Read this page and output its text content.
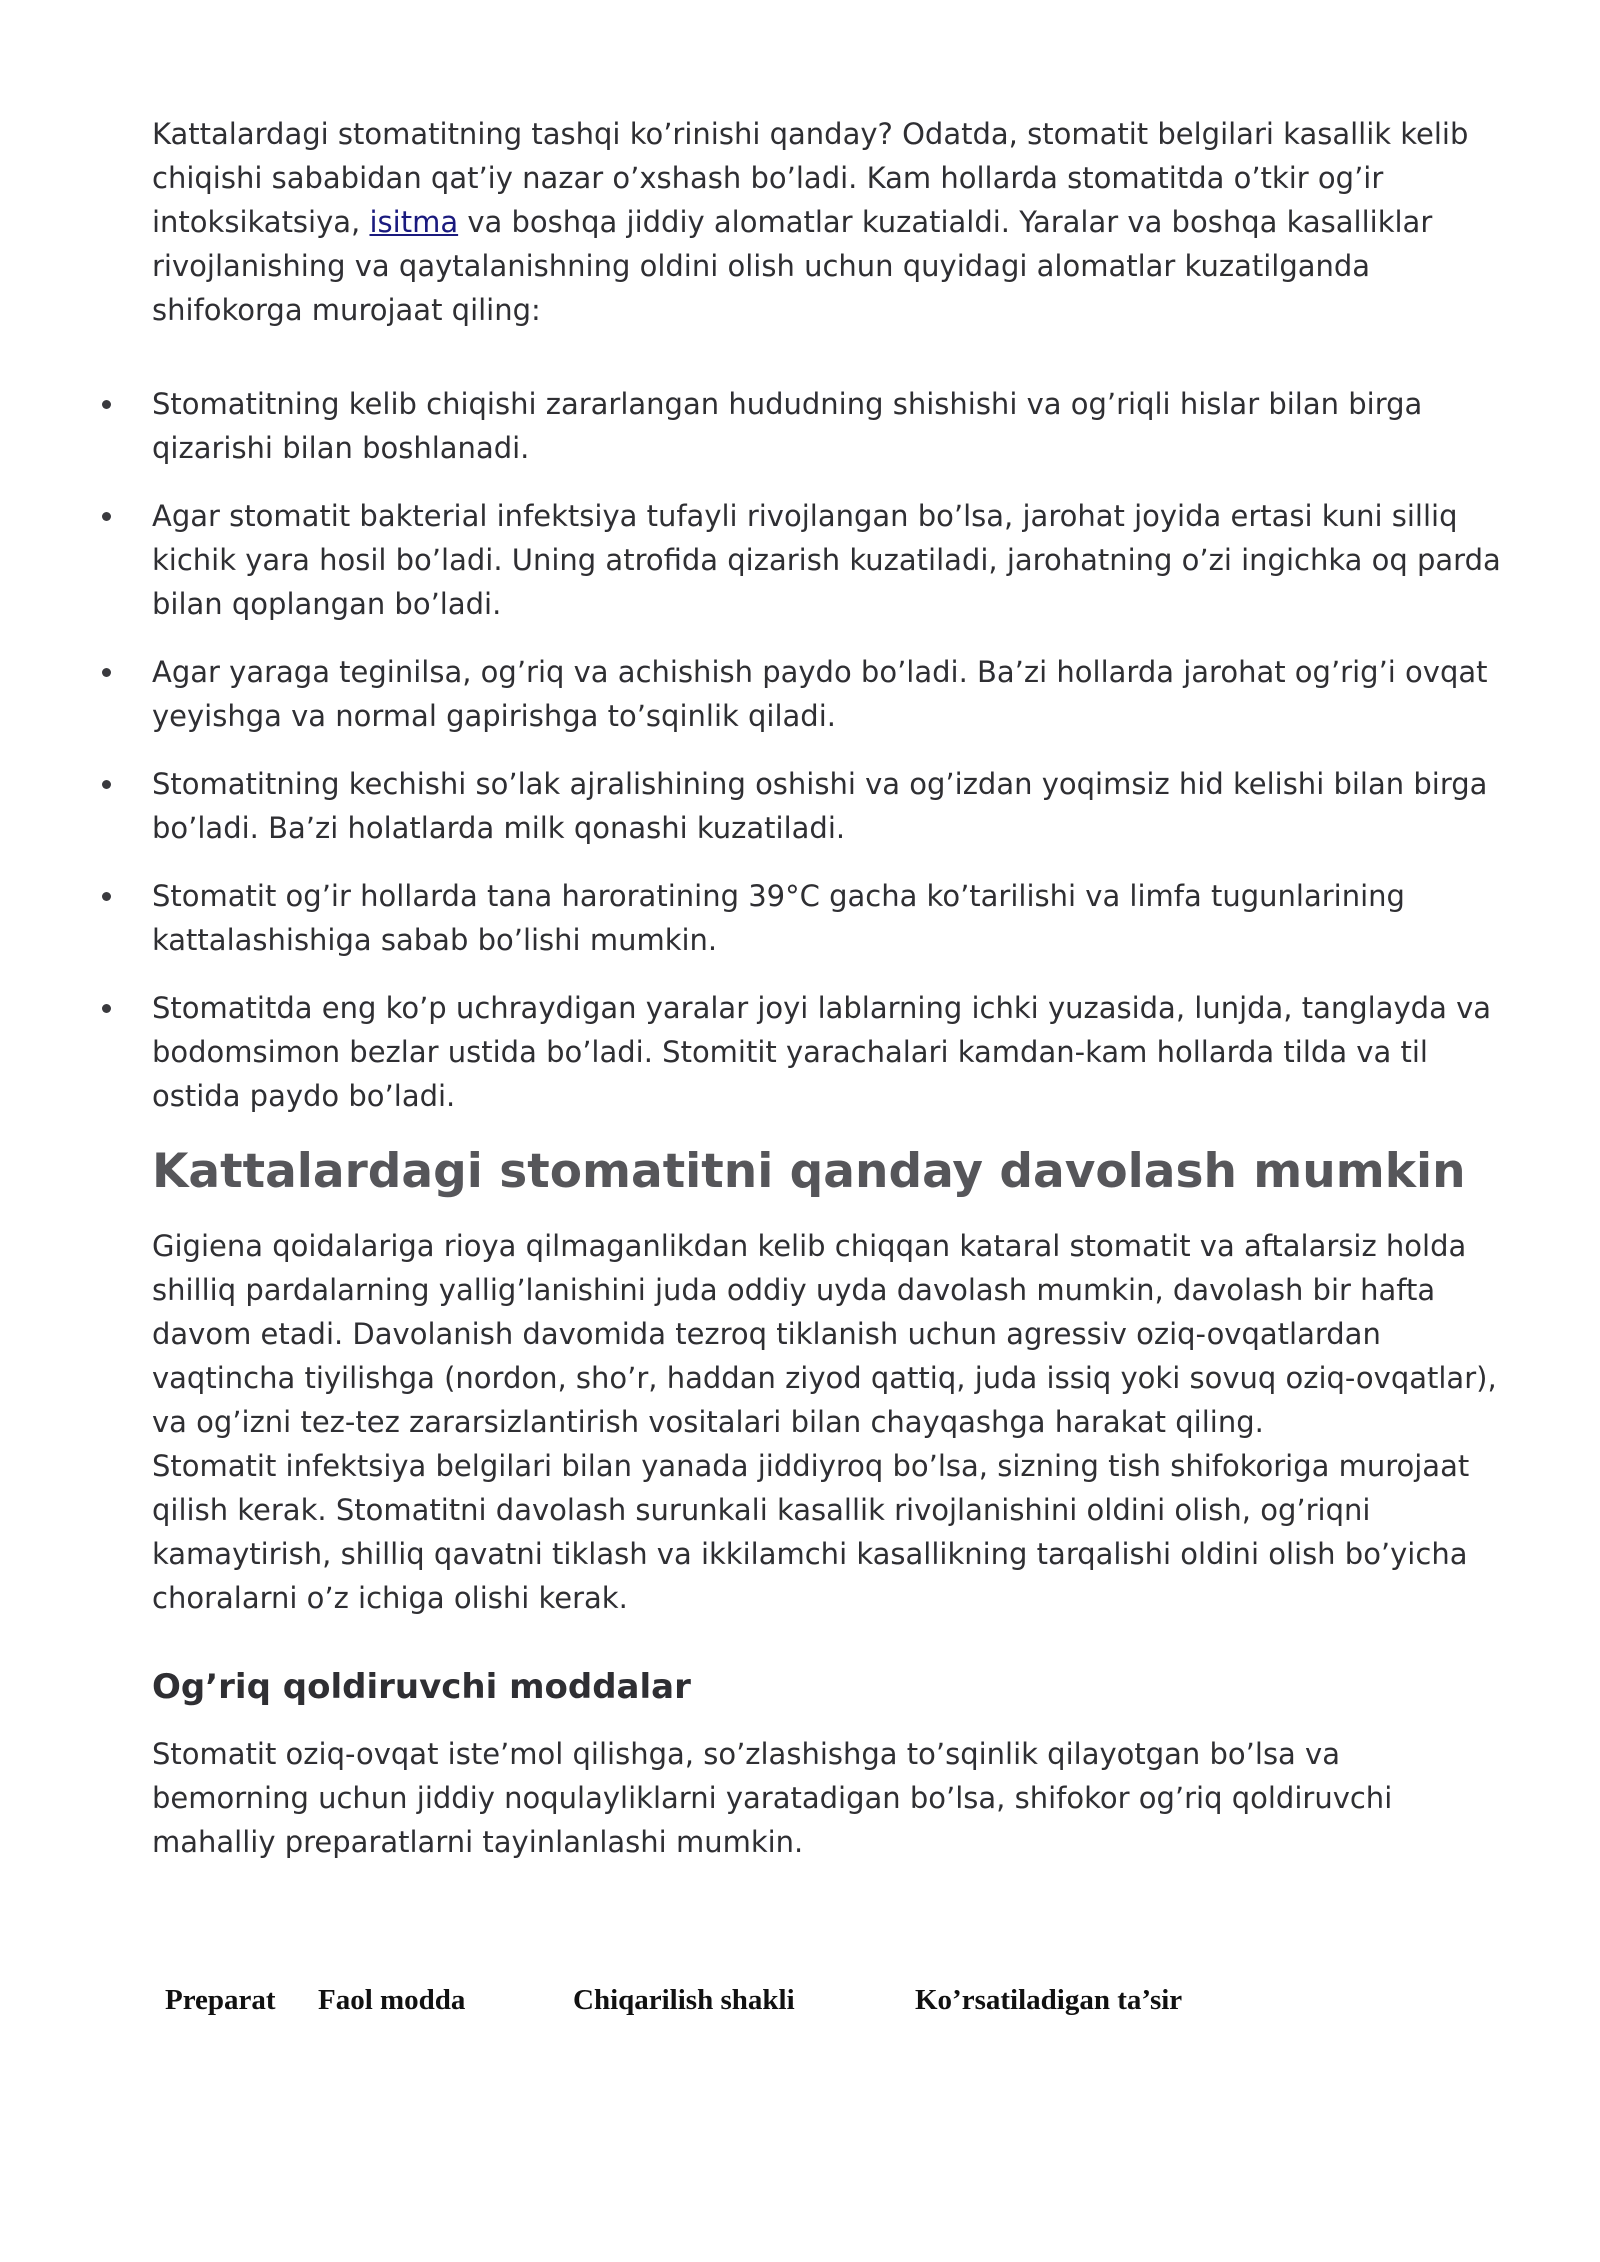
Kattalardagi stomatitning tashqi ko’rinishi qanday? Odatda, stomatit belgilari kasallik kelib chiqishi sababidan qat’iy nazar o’xshash bo’ladi. Kam hollarda stomatitda o’tkir og’ir intoksikatsiya, isitma va boshqa jiddiy alomatlar kuzatialdi. Yaralar va boshqa kasalliklar rivojlanishing va qaytalanishning oldini olish uchun quyidagi alomatlar kuzatilganda shifokorga murojaat qiling:

Stomatitning kelib chiqishi zararlangan hududning shishishi va og’riqli hislar bilan birga qizarishi bilan boshlanadi.
Agar stomatit bakterial infektsiya tufayli rivojlangan bo’lsa, jarohat joyida ertasi kuni silliq kichik yara hosil bo’ladi. Uning atrofida qizarish kuzatiladi, jarohatning o’zi ingichka oq parda bilan qoplangan bo’ladi.
Agar yaraga teginilsa, og’riq va achishish paydo bo’ladi. Ba’zi hollarda jarohat og’rig’i ovqat yeyishga va normal gapirishga to’sqinlik qiladi.
Stomatitning kechishi so’lak ajralishining oshishi va og’izdan yoqimsiz hid kelishi bilan birga bo’ladi. Ba’zi holatlarda milk qonashi kuzatiladi.
Stomatit og’ir hollarda tana haroratining 39°C gacha ko’tarilishi va limfa tugunlarining kattalashishiga sabab bo’lishi mumkin.
Stomatitda eng ko’p uchraydigan yaralar joyi lablarning ichki yuzasida, lunjda, tanglayda va bodomsimon bezlar ustida bo’ladi. Stomitit yarachalari kamdan-kam hollarda tilda va til ostida paydo bo’ladi.
Kattalardagi stomatitni qanday davolash mumkin

Gigiena qoidalariga rioya qilmaganlikdan kelib chiqqan kataral stomatit va aftalarsiz holda shilliq pardalarning yallig’lanishini juda oddiy uyda davolash mumkin, davolash bir hafta davom etadi. Davolanish davomida tezroq tiklanish uchun agressiv oziq-ovqatlardan vaqtincha tiyilishga (nordon, sho’r, haddan ziyod qattiq, juda issiq yoki sovuq oziq-ovqatlar), va og’izni tez-tez zararsizlantirish vositalari bilan chayqashga harakat qiling.

Stomatit infektsiya belgilari bilan yanada jiddiyroq bo’lsa, sizning tish shifokoriga murojaat qilish kerak. Stomatitni davolash surunkali kasallik rivojlanishini oldini olish, og’riqni kamaytirish, shilliq qavatni tiklash va ikkilamchi kasallikning tarqalishi oldini olish bo’yicha choralarni o’z ichiga olishi kerak.

Og’riq qoldiruvchi moddalar

Stomatit oziq-ovqat iste’mol qilishga, so’zlashishga to’sqinlik qilayotgan bo’lsa va bemorning uchun jiddiy noqulayliklarni yaratadigan bo’lsa, shifokor og’riq qoldiruvchi mahalliy preparatlarni tayinlanlashi mumkin.

Preparat Faol modda	Chiqarilish shakli	Ko’rsatiladigan ta’sir
